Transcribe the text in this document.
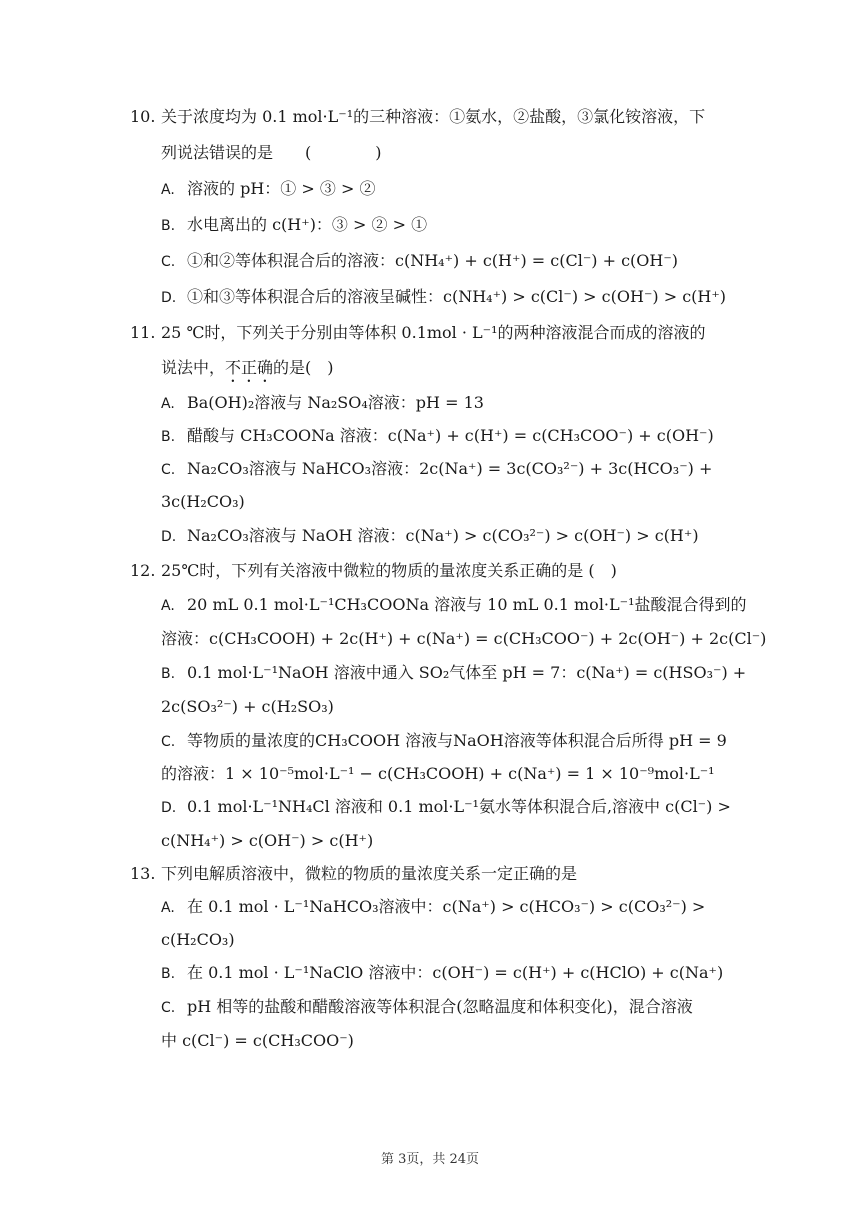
10. 关于浓度均为 0.1 mol·L⁻¹的三种溶液：①氨水，②盐酸，③氯化铵溶液，下
列说法错误的是　　(　　　　)
A. 溶液的 pH：① > ③ > ②
B. 水电离出的 c(H⁺)：③ > ② > ①
C. ①和②等体积混合后的溶液：c(NH₄⁺) + c(H⁺) = c(Cl⁻) + c(OH⁻)
D. ①和③等体积混合后的溶液呈碱性：c(NH₄⁺) > c(Cl⁻) > c(OH⁻) > c(H⁺)
11. 25 ℃时，下列关于分别由等体积 0.1mol · L⁻¹的两种溶液混合而成的溶液的
说法中，不正确的是(　)
A. Ba(OH)₂溶液与 Na₂SO₄溶液：pH = 13
B. 醋酸与 CH₃COONa 溶液：c(Na⁺) + c(H⁺) = c(CH₃COO⁻) + c(OH⁻)
C. Na₂CO₃溶液与 NaHCO₃溶液：2c(Na⁺) = 3c(CO₃²⁻) + 3c(HCO₃⁻) +
3c(H₂CO₃)
D. Na₂CO₃溶液与 NaOH 溶液：c(Na⁺) > c(CO₃²⁻) > c(OH⁻) > c(H⁺)
12. 25℃时，下列有关溶液中微粒的物质的量浓度关系正确的是 (　)
A. 20 mL 0.1 mol·L⁻¹CH₃COONa 溶液与 10 mL 0.1 mol·L⁻¹盐酸混合得到的
溶液：c(CH₃COOH) + 2c(H⁺) + c(Na⁺) = c(CH₃COO⁻) + 2c(OH⁻) + 2c(Cl⁻)
B. 0.1 mol·L⁻¹NaOH 溶液中通入 SO₂气体至 pH = 7：c(Na⁺) = c(HSO₃⁻) +
2c(SO₃²⁻) + c(H₂SO₃)
C. 等物质的量浓度的CH₃COOH 溶液与NaOH溶液等体积混合后所得 pH = 9
的溶液：1 × 10⁻⁵mol·L⁻¹ − c(CH₃COOH) + c(Na⁺) = 1 × 10⁻⁹mol·L⁻¹
D. 0.1 mol·L⁻¹NH₄Cl 溶液和 0.1 mol·L⁻¹氨水等体积混合后,溶液中 c(Cl⁻) >
c(NH₄⁺) > c(OH⁻) > c(H⁺)
13. 下列电解质溶液中，微粒的物质的量浓度关系一定正确的是
A. 在 0.1 mol · L⁻¹NaHCO₃溶液中：c(Na⁺) > c(HCO₃⁻) > c(CO₃²⁻) >
c(H₂CO₃)
B. 在 0.1 mol · L⁻¹NaClO 溶液中：c(OH⁻) = c(H⁺) + c(HClO) + c(Na⁺)
C. pH 相等的盐酸和醋酸溶液等体积混合(忽略温度和体积变化)，混合溶液
中 c(Cl⁻) = c(CH₃COO⁻)
第 3页，共 24页
